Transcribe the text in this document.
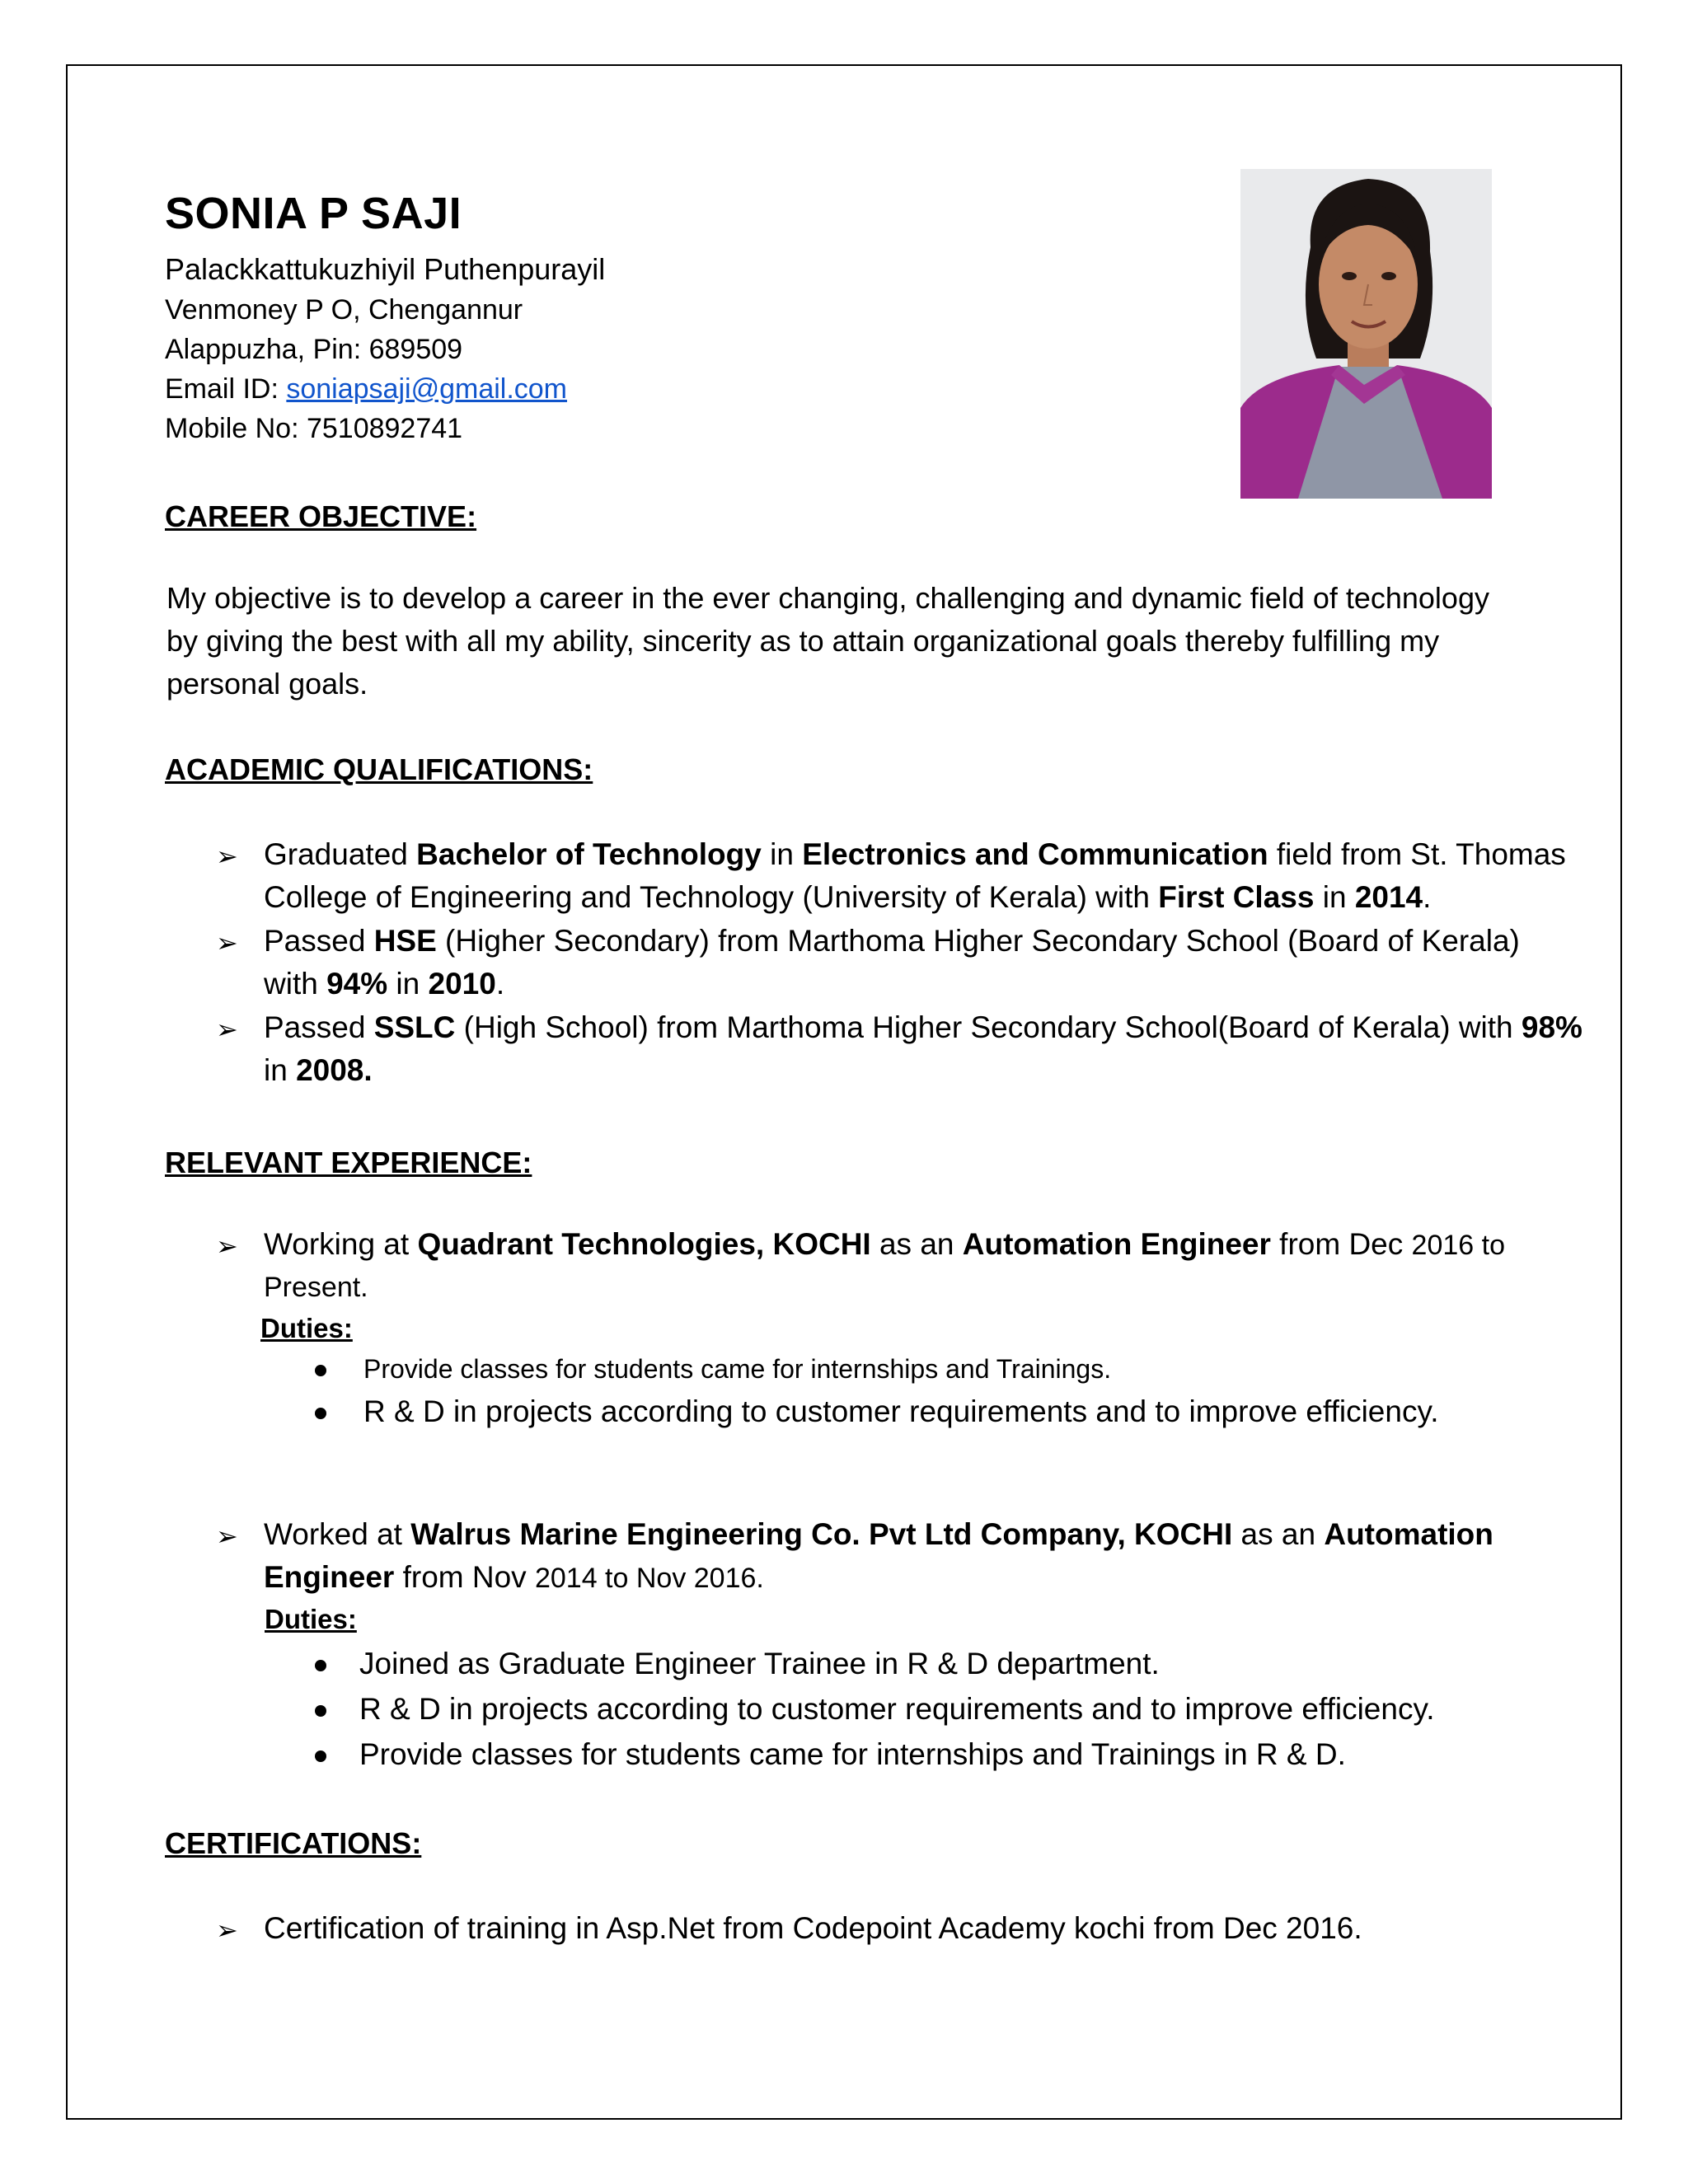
SONIA P SAJI
Palackkattukuzhiyil Puthenpurayil
Venmoney P O, Chengannur
Alappuzha, Pin: 689509
Email ID: soniapsaji@gmail.com
Mobile No: 7510892741
CAREER OBJECTIVE:
My objective is to develop a career in the ever changing, challenging and dynamic field of technology
by giving the best with all my ability, sincerity as to attain organizational goals thereby fulfilling my
personal goals.
ACADEMIC QUALIFICATIONS:
➢ Graduated Bachelor of Technology in Electronics and Communication field from St. Thomas
College of Engineering and Technology (University of Kerala) with First Class in 2014.
➢ Passed HSE (Higher Secondary) from Marthoma Higher Secondary School (Board of Kerala)
with 94% in 2010.
➢ Passed SSLC (High School) from Marthoma Higher Secondary School(Board of Kerala) with 98%
in 2008.
RELEVANT EXPERIENCE:
➢ Working at Quadrant Technologies, KOCHI as an Automation Engineer from Dec 2016 to
Present.
Duties:
Provide classes for students came for internships and Trainings.
R & D in projects according to customer requirements and to improve efficiency.
➢ Worked at Walrus Marine Engineering Co. Pvt Ltd Company, KOCHI as an Automation
Engineer from Nov 2014 to Nov 2016.
Duties:
Joined as Graduate Engineer Trainee in R & D department.
R & D in projects according to customer requirements and to improve efficiency.
Provide classes for students came for internships and Trainings in R & D.
CERTIFICATIONS:
➢ Certification of training in Asp.Net from Codepoint Academy kochi from Dec 2016.
